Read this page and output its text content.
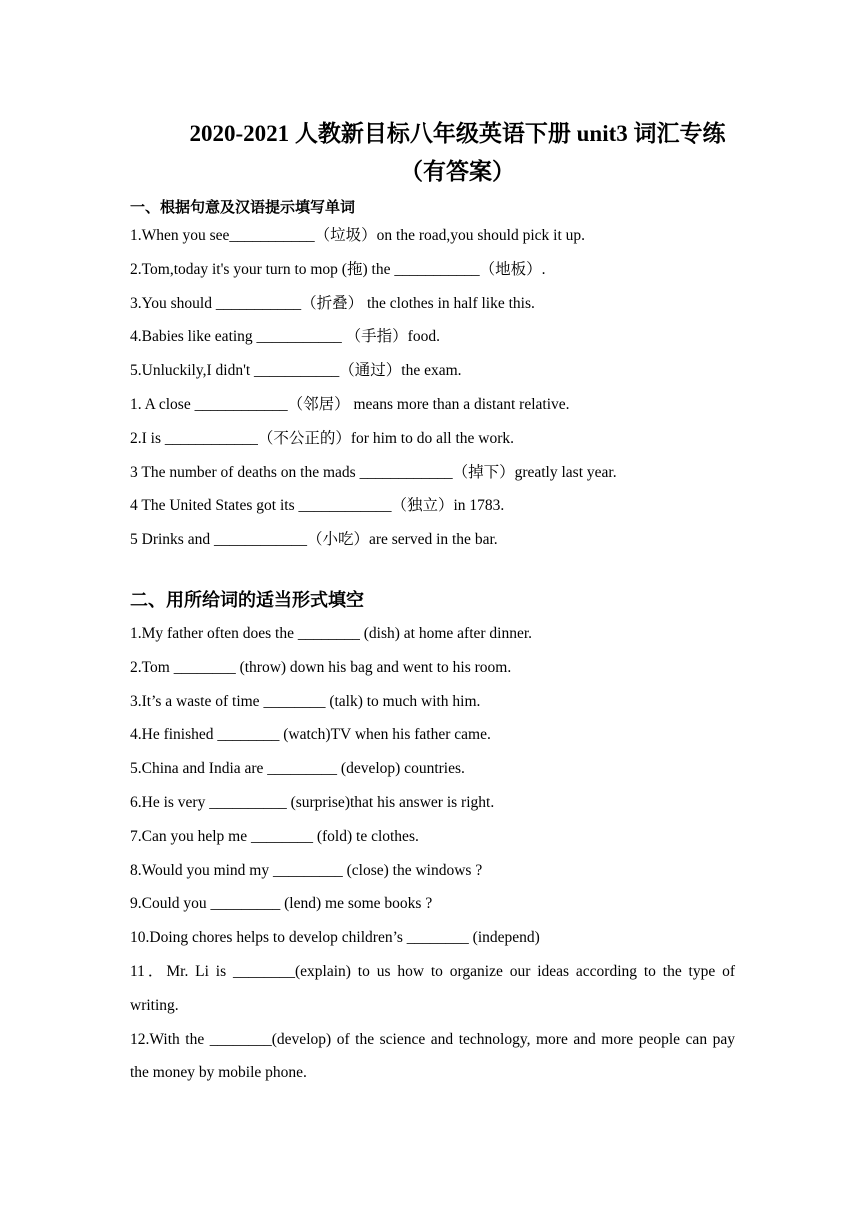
2020-2021 人教新目标八年级英语下册 unit3 词汇专练
（有答案）
一、根据句意及汉语提示填写单词
1.When you see___________（垃圾）on the road,you should pick it up.
2.Tom,today it's your turn to mop (拖) the ___________（地板）.
3.You should ___________（折叠） the clothes in half like this.
4.Babies like eating ___________ （手指）food.
5.Unluckily,I didn't ___________（通过）the exam.
1. A close ____________（邻居） means more than a distant relative.
2.I is ____________（不公正的）for him to do all the work.
3 The number of deaths on the mads ____________（掉下）greatly last year.
4 The United States got its ____________（独立）in 1783.
5 Drinks and ____________（小吃）are served in the bar.
二、用所给词的适当形式填空
1.My father often does the ________ (dish) at home after dinner.
2.Tom ________ (throw) down his bag and went to his room.
3.It’s a waste of time ________ (talk) to much with him.
4.He finished ________ (watch)TV when his father came.
5.China and India are _________ (develop) countries.
6.He is very __________ (surprise)that his answer is right.
7.Can you help me ________ (fold) te clothes.
8.Would you mind my _________ (close) the windows ?
9.Could you _________ (lend) me some books ?
10.Doing chores helps to develop children’s ________ (independ)
11．Mr. Li is ________(explain) to us how to organize our ideas according to the type of writing.
12.With the ________(develop) of the science and technology, more and more people can pay the money by mobile phone.
